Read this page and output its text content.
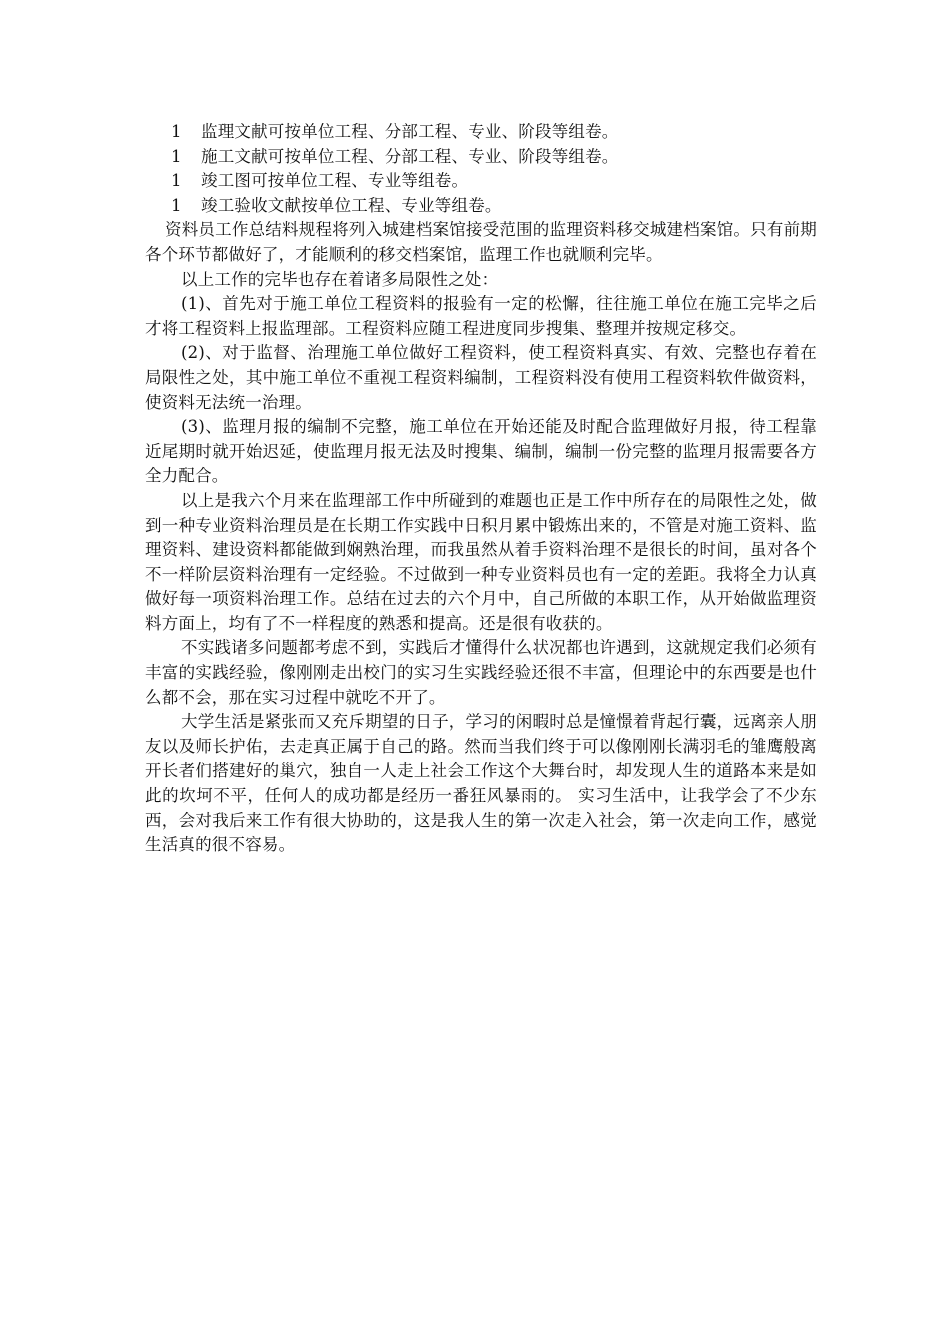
1	监理文献可按单位工程、分部工程、专业、阶段等组卷。
1	施工文献可按单位工程、分部工程、专业、阶段等组卷。
1	竣工图可按单位工程、专业等组卷。
1	竣工验收文献按单位工程、专业等组卷。

资料员工作总结料规程将列入城建档案馆接受范围的监理资料移交城建档案馆。只有前期各个环节都做好了，才能顺利的移交档案馆，监理工作也就顺利完毕。

以上工作的完毕也存在着诸多局限性之处：

(1)、首先对于施工单位工程资料的报验有一定的松懈，往往施工单位在施工完毕之后才将工程资料上报监理部。工程资料应随工程进度同步搜集、整理并按规定移交。

(2)、对于监督、治理施工单位做好工程资料，使工程资料真实、有效、完整也存着在局限性之处，其中施工单位不重视工程资料编制，工程资料没有使用工程资料软件做资料，使资料无法统一治理。

(3)、监理月报的编制不完整，施工单位在开始还能及时配合监理做好月报，待工程靠近尾期时就开始迟延，使监理月报无法及时搜集、编制，编制一份完整的监理月报需要各方全力配合。

以上是我六个月来在监理部工作中所碰到的难题也正是工作中所存在的局限性之处，做到一种专业资料治理员是在长期工作实践中日积月累中锻炼出来的，不管是对施工资料、监理资料、建设资料都能做到娴熟治理，而我虽然从着手资料治理不是很长的时间，虽对各个不一样阶层资料治理有一定经验。不过做到一种专业资料员也有一定的差距。我将全力认真做好每一项资料治理工作。总结在过去的六个月中，自己所做的本职工作，从开始做监理资料方面上，均有了不一样程度的熟悉和提高。还是很有收获的。

不实践诸多问题都考虑不到，实践后才懂得什么状况都也许遇到，这就规定我们必须有丰富的实践经验，像刚刚走出校门的实习生实践经验还很不丰富，但理论中的东西要是也什么都不会，那在实习过程中就吃不开了。

大学生活是紧张而又充斥期望的日子，学习的闲暇时总是憧憬着背起行囊，远离亲人朋友以及师长护佑，去走真正属于自己的路。然而当我们终于可以像刚刚长满羽毛的雏鹰般离开长者们搭建好的巢穴，独自一人走上社会工作这个大舞台时，却发现人生的道路本来是如此的坎坷不平，任何人的成功都是经历一番狂风暴雨的。 实习生活中，让我学会了不少东西，会对我后来工作有很大协助的，这是我人生的第一次走入社会，第一次走向工作，感觉生活真的很不容易。
